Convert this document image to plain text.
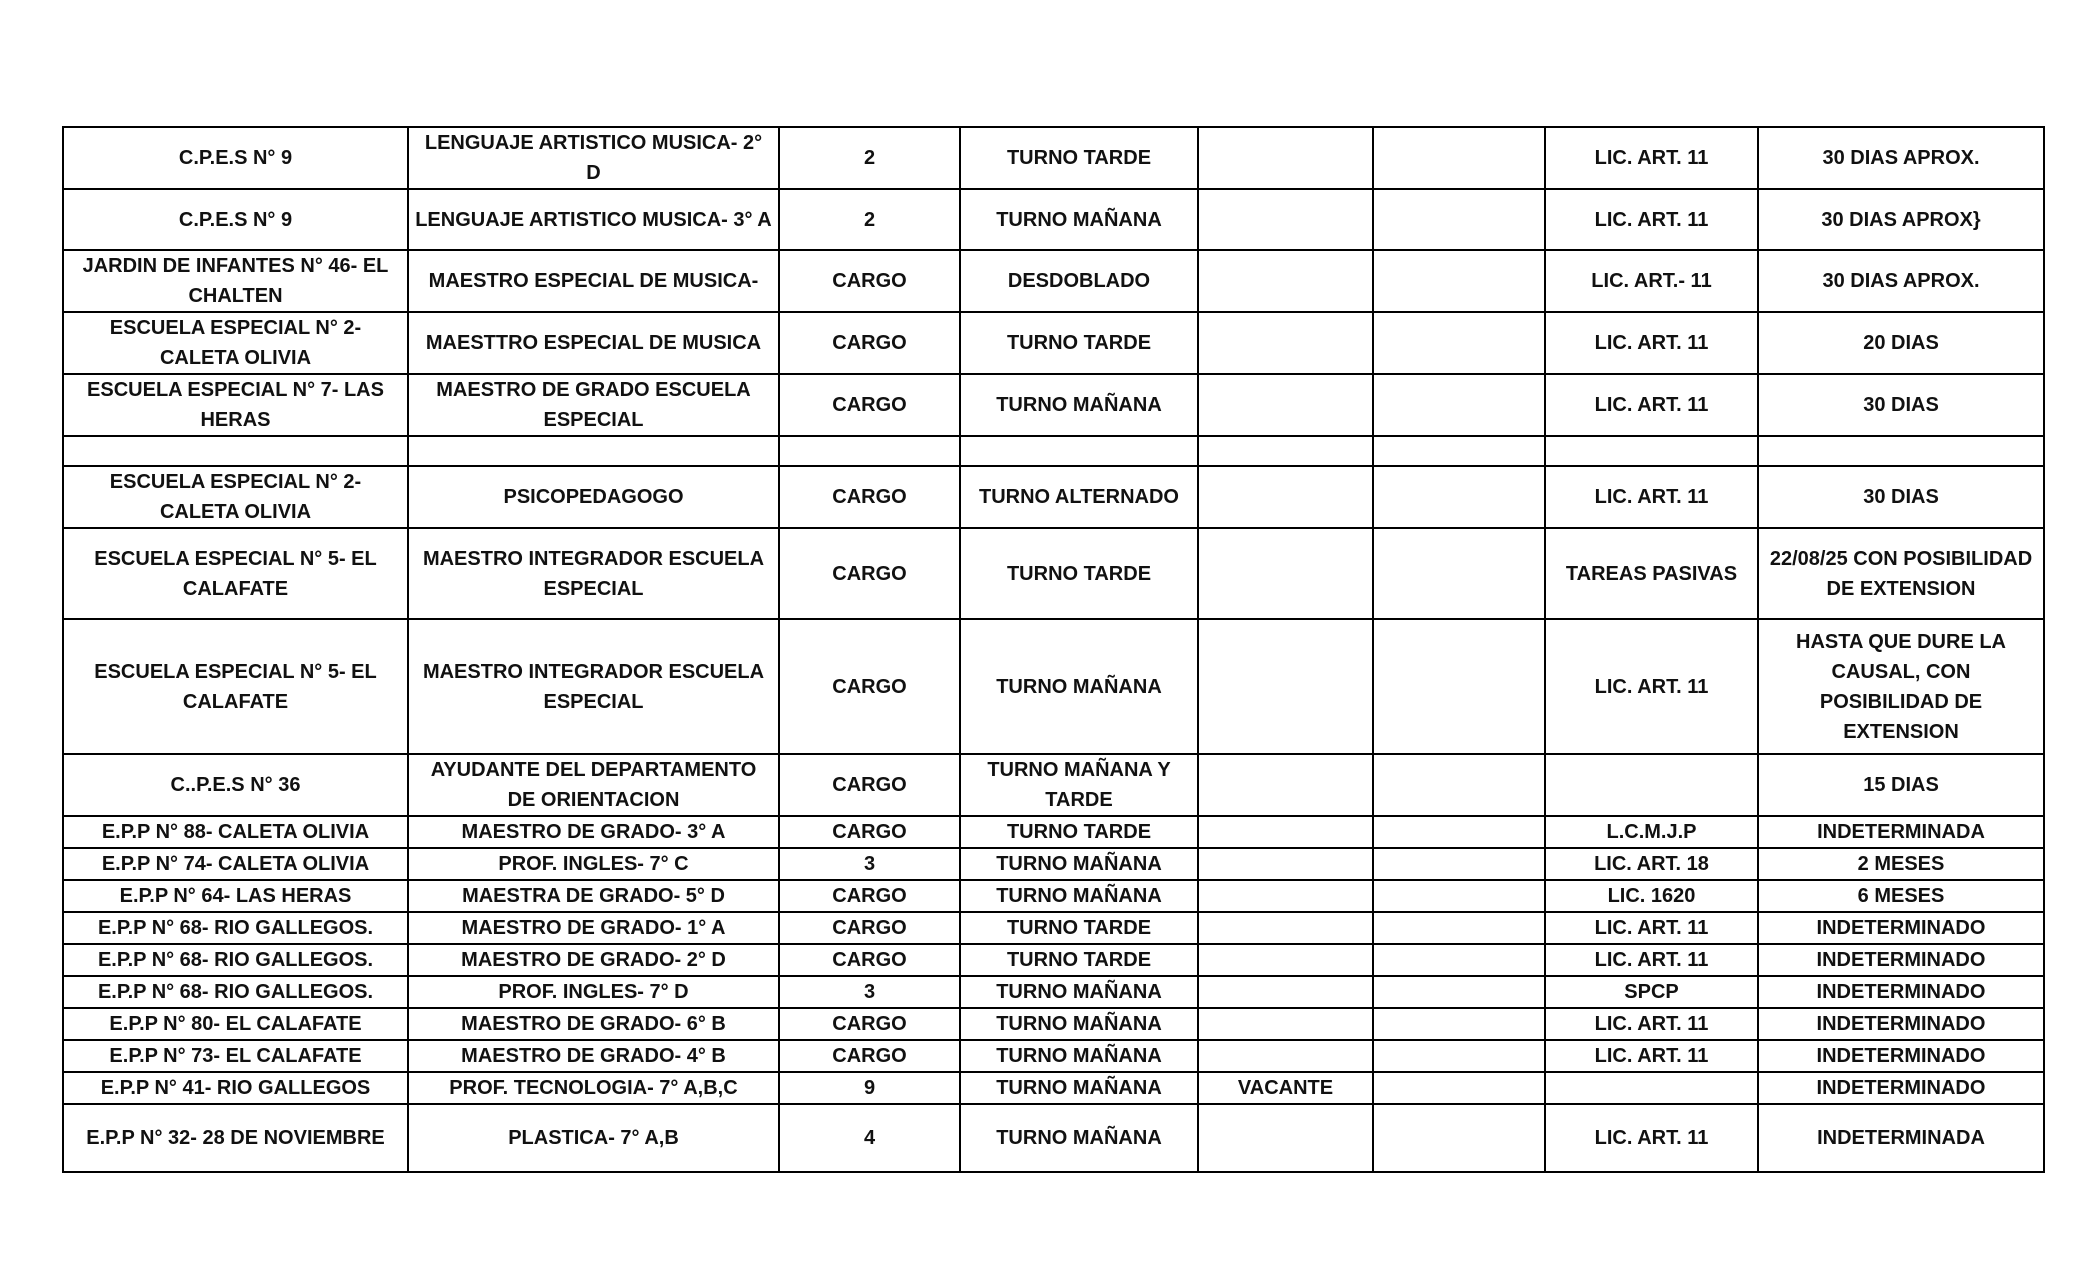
C.P.E.S N° 9	LENGUAJE ARTISTICO MUSICA- 2° D	2	TURNO TARDE			LIC. ART. 11	30 DIAS APROX.
C.P.E.S N° 9	LENGUAJE ARTISTICO MUSICA- 3° A	2	TURNO MAÑANA			LIC. ART. 11	30 DIAS APROX}
JARDIN DE INFANTES N° 46- EL CHALTEN	MAESTRO ESPECIAL DE MUSICA-	CARGO	DESDOBLADO			LIC. ART.- 11	30 DIAS APROX.
ESCUELA ESPECIAL N° 2- CALETA OLIVIA	MAESTTRO ESPECIAL DE MUSICA	CARGO	TURNO TARDE			LIC. ART. 11	20 DIAS
ESCUELA ESPECIAL N° 7- LAS HERAS	MAESTRO DE GRADO ESCUELA ESPECIAL	CARGO	TURNO MAÑANA			LIC. ART. 11	30 DIAS

ESCUELA ESPECIAL N° 2- CALETA OLIVIA	PSICOPEDAGOGO	CARGO	TURNO ALTERNADO			LIC. ART. 11	30 DIAS
ESCUELA ESPECIAL N° 5- EL CALAFATE	MAESTRO INTEGRADOR ESCUELA ESPECIAL	CARGO	TURNO TARDE			TAREAS PASIVAS	22/08/25 CON POSIBILIDAD DE EXTENSION
ESCUELA ESPECIAL N° 5- EL CALAFATE	MAESTRO INTEGRADOR ESCUELA ESPECIAL	CARGO	TURNO MAÑANA			LIC. ART. 11	HASTA QUE DURE LA CAUSAL, CON POSIBILIDAD DE EXTENSION
C..P.E.S N° 36	AYUDANTE DEL DEPARTAMENTO DE ORIENTACION	CARGO	TURNO MAÑANA Y TARDE				15 DIAS
E.P.P N° 88- CALETA OLIVIA	MAESTRO DE GRADO- 3° A	CARGO	TURNO TARDE			L.C.M.J.P	INDETERMINADA
E.P.P N° 74- CALETA OLIVIA	PROF. INGLES- 7° C	3	TURNO MAÑANA			LIC. ART. 18	2 MESES
E.P.P N° 64- LAS HERAS	MAESTRA DE GRADO- 5° D	CARGO	TURNO MAÑANA			LIC. 1620	6 MESES
E.P.P N° 68- RIO GALLEGOS.	MAESTRO DE GRADO- 1° A	CARGO	TURNO TARDE			LIC. ART. 11	INDETERMINADO
E.P.P N° 68- RIO GALLEGOS.	MAESTRO DE GRADO- 2° D	CARGO	TURNO TARDE			LIC. ART. 11	INDETERMINADO
E.P.P N° 68- RIO GALLEGOS.	PROF. INGLES- 7° D	3	TURNO MAÑANA			SPCP	INDETERMINADO
E.P.P N° 80- EL CALAFATE	MAESTRO DE GRADO- 6° B	CARGO	TURNO MAÑANA			LIC. ART. 11	INDETERMINADO
E.P.P N° 73- EL CALAFATE	MAESTRO DE GRADO- 4° B	CARGO	TURNO MAÑANA			LIC. ART. 11	INDETERMINADO
E.P.P N° 41- RIO GALLEGOS	PROF. TECNOLOGIA- 7° A,B,C	9	TURNO MAÑANA	VACANTE			INDETERMINADO
E.P.P N° 32- 28 DE NOVIEMBRE	PLASTICA- 7° A,B	4	TURNO MAÑANA			LIC. ART. 11	INDETERMINADA
